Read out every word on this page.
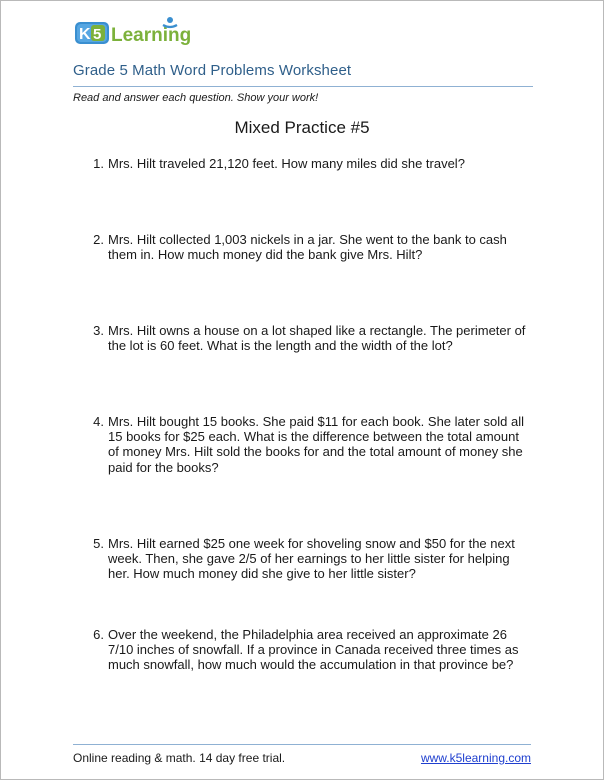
K 5 Learning
Grade 5 Math Word Problems Worksheet
Read and answer each question. Show your work!
Mixed Practice #5
1. Mrs. Hilt traveled 21,120 feet. How many miles did she travel?
2. Mrs. Hilt collected 1,003 nickels in a jar. She went to the bank to cash them in. How much money did the bank give Mrs. Hilt?
3. Mrs. Hilt owns a house on a lot shaped like a rectangle. The perimeter of the lot is 60 feet. What is the length and the width of the lot?
4. Mrs. Hilt bought 15 books. She paid $11 for each book. She later sold all 15 books for $25 each. What is the difference between the total amount of money Mrs. Hilt sold the books for and the total amount of money she paid for the books?
5. Mrs. Hilt earned $25 one week for shoveling snow and $50 for the next week. Then, she gave 2/5 of her earnings to her little sister for helping her. How much money did she give to her little sister?
6. Over the weekend, the Philadelphia area received an approximate 26 7/10 inches of snowfall. If a province in Canada received three times as much snowfall, how much would the accumulation in that province be?
Online reading & math. 14 day free trial.	www.k5learning.com
